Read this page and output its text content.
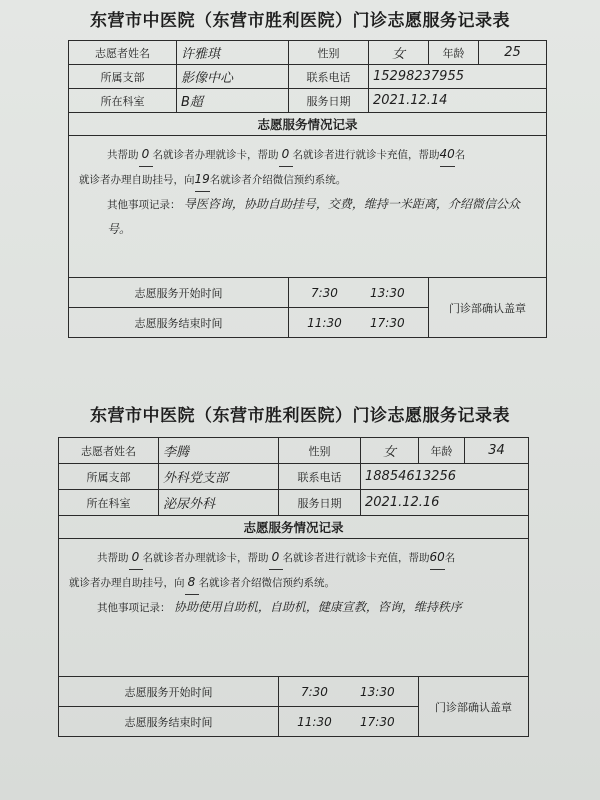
东营市中医院（东营市胜利医院）门诊志愿服务记录表
志愿者姓名	许雅琪	性别	女	年龄	25
所属支部	影像中心	联系电话	15298237955		
所在科室	B超	服务日期	2021.12.14		
志愿服务情况记录					

共帮助 0 名就诊者办理就诊卡，帮助 0 名就诊者进行就诊卡充值，帮助40名
就诊者办理自助挂号，向19名就诊者介绍微信预约系统。
其他事项记录： 导医咨询，协助自助挂号，交费，维持一米距离，介绍微信公众号。					

志愿服务开始时间		7:30 13:30		门诊部确认盖章	
志愿服务结束时间		11:30 17:30			
东营市中医院（东营市胜利医院）门诊志愿服务记录表
志愿者姓名	李腾	性别	女	年龄	34
所属支部	外科党支部	联系电话	18854613256		
所在科室	泌尿外科	服务日期	2021.12.16		
志愿服务情况记录					

共帮助 0 名就诊者办理就诊卡，帮助 0 名就诊者进行就诊卡充值，帮助60名
就诊者办理自助挂号，向 8 名就诊者介绍微信预约系统。
其他事项记录： 协助使用自助机，自助机，健康宣教，咨询，维持秩序					

志愿服务开始时间		7:30 13:30		门诊部确认盖章	
志愿服务结束时间		11:30 17:30			
